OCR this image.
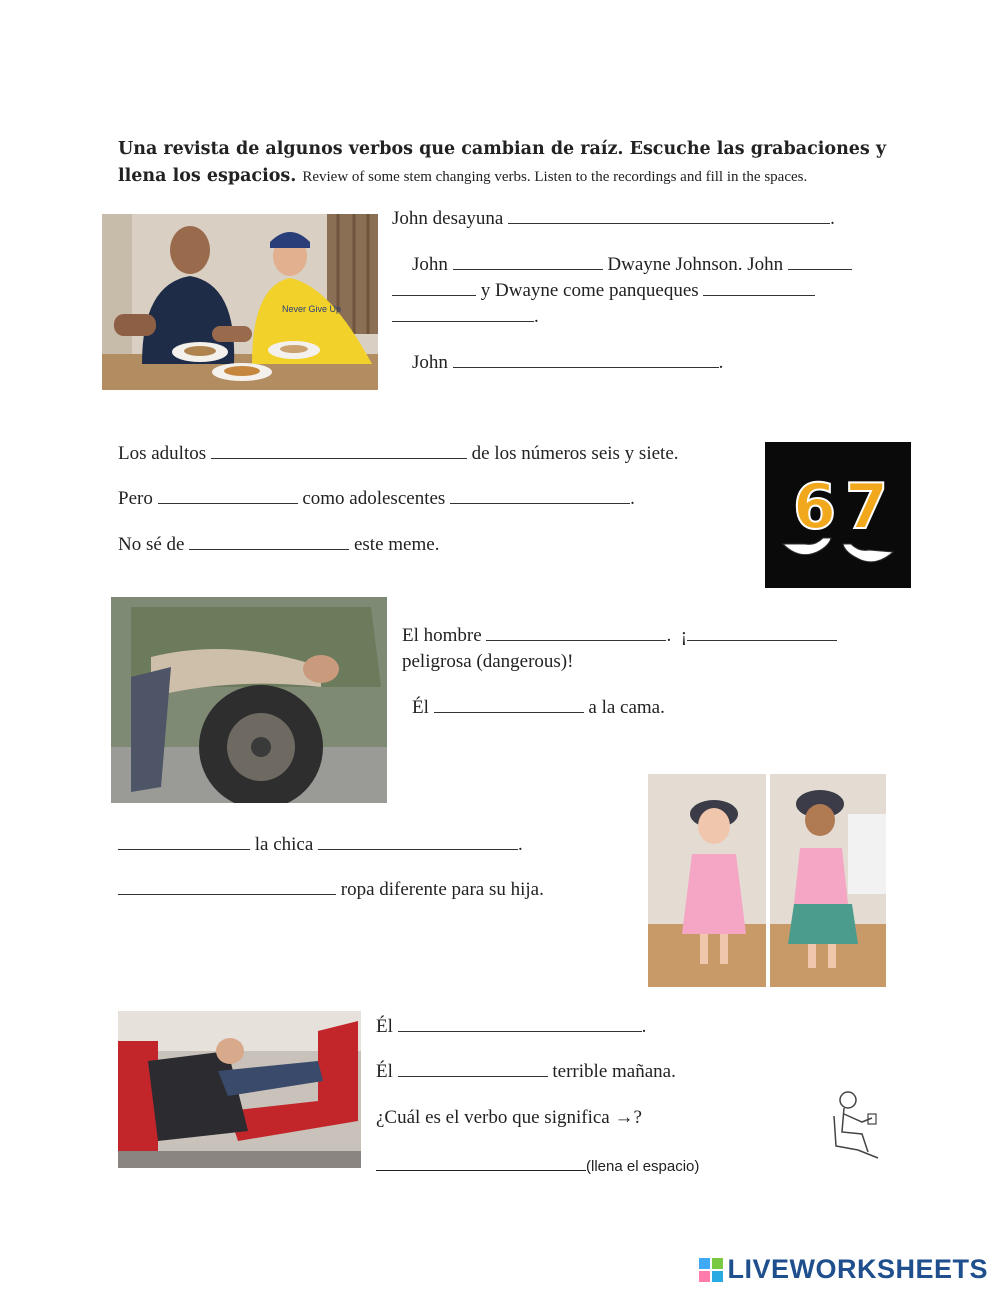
Una revista de algunos verbos que cambian de raíz. Escuche las grabaciones y llena los espacios. Review of some stem changing verbs. Listen to the recordings and fill in the spaces.
Never Give Up
John desayuna	.
John	Dwayne Johnson. John
y Dwayne come panqueques
.
John	.
Los adultos	de los números seis y siete.
Pero	como adolescentes	.
No sé de	este meme.
6 7
El hombre	.  ¡
peligrosa (dangerous)!
Él	a la cama.
la chica	.
ropa diferente para su hija.
Él	.
Él	terrible mañana.
¿Cuál es el verbo que significa →?
(llena el espacio)
LIVEWORKSHEETS
